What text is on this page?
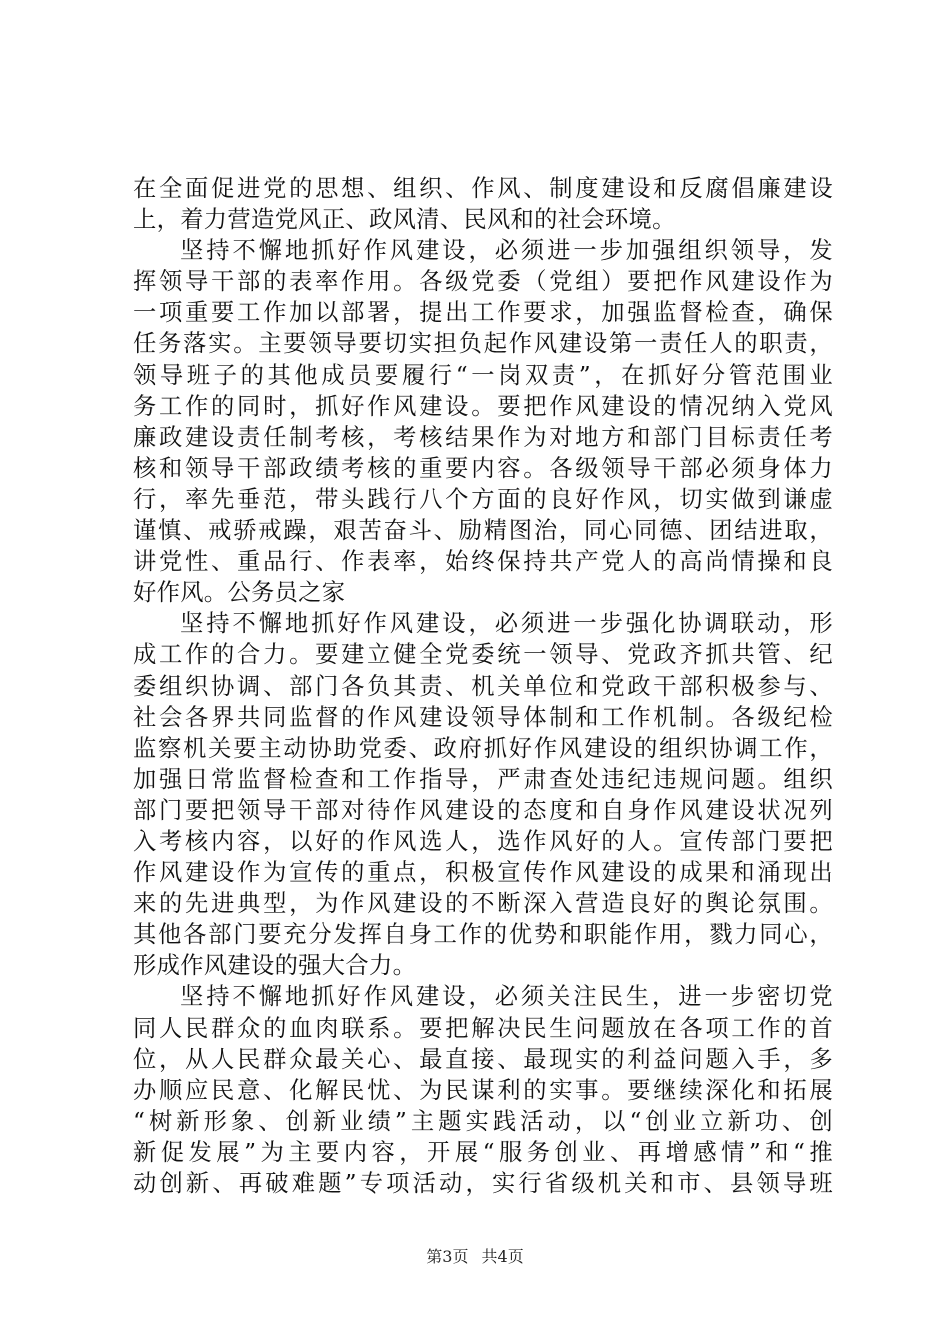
在全面促进党的思想、组织、作风、制度建设和反腐倡廉建设
上，着力营造党风正、政风清、民风和的社会环境。
坚持不懈地抓好作风建设，必须进一步加强组织领导，发
挥领导干部的表率作用。各级党委（党组）要把作风建设作为
一项重要工作加以部署，提出工作要求，加强监督检查，确保
任务落实。主要领导要切实担负起作风建设第一责任人的职责，
领导班子的其他成员要履行“一岗双责”，在抓好分管范围业
务工作的同时，抓好作风建设。要把作风建设的情况纳入党风
廉政建设责任制考核，考核结果作为对地方和部门目标责任考
核和领导干部政绩考核的重要内容。各级领导干部必须身体力
行，率先垂范，带头践行八个方面的良好作风，切实做到谦虚
谨慎、戒骄戒躁，艰苦奋斗、励精图治，同心同德、团结进取，
讲党性、重品行、作表率，始终保持共产党人的高尚情操和良
好作风。公务员之家
坚持不懈地抓好作风建设，必须进一步强化协调联动，形
成工作的合力。要建立健全党委统一领导、党政齐抓共管、纪
委组织协调、部门各负其责、机关单位和党政干部积极参与、
社会各界共同监督的作风建设领导体制和工作机制。各级纪检
监察机关要主动协助党委、政府抓好作风建设的组织协调工作，
加强日常监督检查和工作指导，严肃查处违纪违规问题。组织
部门要把领导干部对待作风建设的态度和自身作风建设状况列
入考核内容，以好的作风选人，选作风好的人。宣传部门要把
作风建设作为宣传的重点，积极宣传作风建设的成果和涌现出
来的先进典型，为作风建设的不断深入营造良好的舆论氛围。
其他各部门要充分发挥自身工作的优势和职能作用，戮力同心，
形成作风建设的强大合力。
坚持不懈地抓好作风建设，必须关注民生，进一步密切党
同人民群众的血肉联系。要把解决民生问题放在各项工作的首
位，从人民群众最关心、最直接、最现实的利益问题入手，多
办顺应民意、化解民忧、为民谋利的实事。要继续深化和拓展
“树新形象、创新业绩”主题实践活动，以“创业立新功、创
新促发展”为主要内容，开展“服务创业、再增感情”和“推
动创新、再破难题”专项活动，实行省级机关和市、县领导班
第3页 共4页
